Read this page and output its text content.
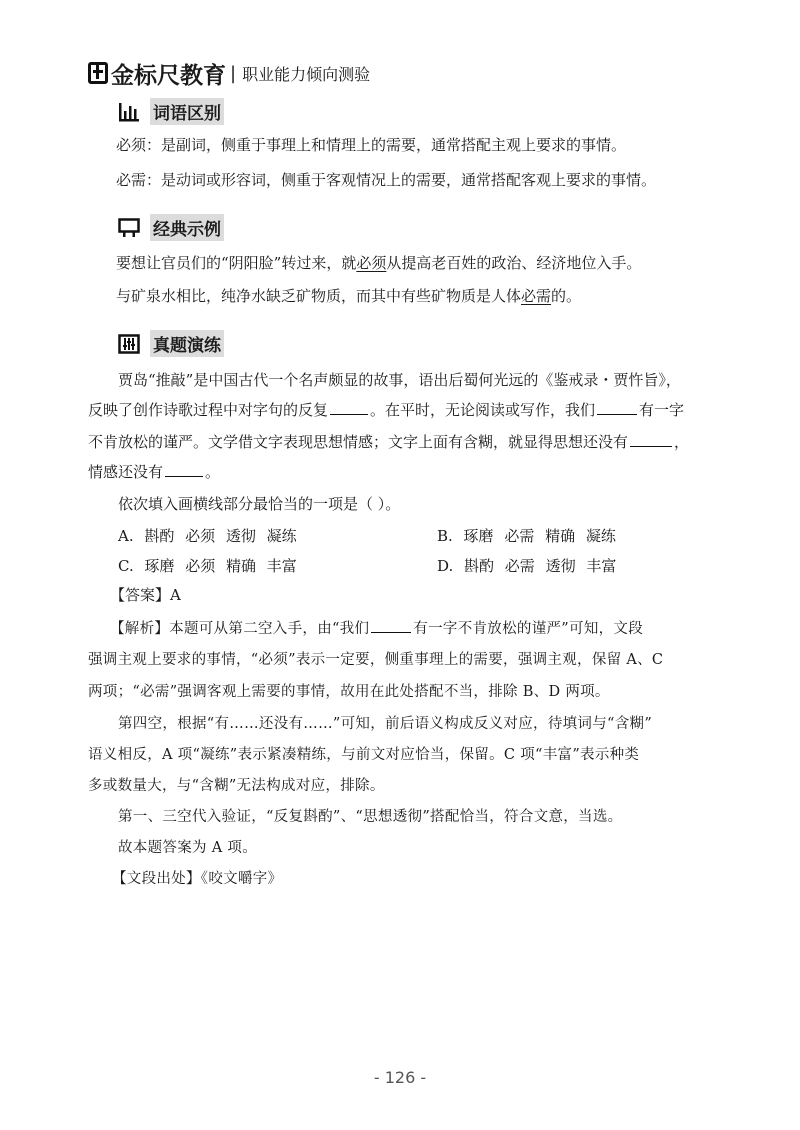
金标尺教育 | 职业能力倾向测验
词语区别
必须：是副词，侧重于事理上和情理上的需要，通常搭配主观上要求的事情。
必需：是动词或形容词，侧重于客观情况上的需要，通常搭配客观上要求的事情。
经典示例
要想让官员们的“阴阳脸”转过来，就必须从提高老百姓的政治、经济地位入手。
与矿泉水相比，纯净水缺乏矿物质，而其中有些矿物质是人体必需的。
真题演练
贾岛“推敲”是中国古代一个名声颇显的故事，语出后蜀何光远的《鉴戒录・贾忤旨》，
反映了创作诗歌过程中对字句的反复	。在平时，无论阅读或写作，我们	有一字
不肯放松的谨严。文学借文字表现思想情感；文字上面有含糊，就显得思想还没有	，
情感还没有	。
依次填入画横线部分最恰当的一项是（ ）。
A. 斟酌 必须 透彻 凝练	B. 琢磨 必需 精确 凝练
C. 琢磨 必须 精确 丰富	D. 斟酌 必需 透彻 丰富
【答案】A
【解析】本题可从第二空入手，由“我们	有一字不肯放松的谨严”可知，文段
强调主观上要求的事情，“必须”表示一定要，侧重事理上的需要，强调主观，保留 A、C
两项；“必需”强调客观上需要的事情，故用在此处搭配不当，排除 B、D 两项。
第四空，根据“有……还没有……”可知，前后语义构成反义对应，待填词与“含糊”
语义相反，A 项“凝练”表示紧凑精练，与前文对应恰当，保留。C 项“丰富”表示种类
多或数量大，与“含糊”无法构成对应，排除。
第一、三空代入验证，“反复斟酌”、“思想透彻”搭配恰当，符合文意，当选。
故本题答案为 A 项。
【文段出处】《咬文嚼字》
- 126 -
